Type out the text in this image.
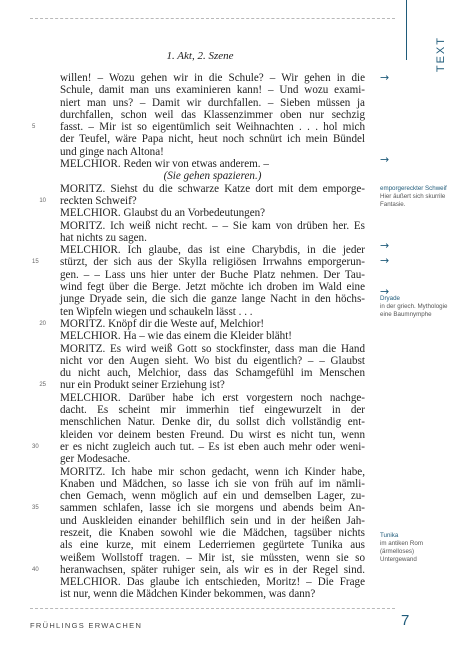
TEXT
1. Akt, 2. Szene
willen! – Wozu gehen wir in die Schule? – Wir gehen in die
Schule, damit man uns examinieren kann! – Und wozu exami-
niert man uns? – Damit wir durchfallen. – Sieben müssen ja
durchfallen, schon weil das Klassenzimmer oben nur sechzig
5	fasst. – Mir ist so eigentümlich seit Weihnachten . . . hol mich
der Teufel, wäre Papa nicht, heut noch schnürt ich mein Bündel
und ginge nach Altona!
MELCHIOR. Reden wir von etwas anderem. –
(Sie gehen spazieren.)
MORITZ. Siehst du die schwarze Katze dort mit dem emporge-
10 reckten Schweif?
MELCHIOR. Glaubst du an Vorbedeutungen?
MORITZ. Ich weiß nicht recht. – – Sie kam von drüben her. Es
hat nichts zu sagen.
MELCHIOR. Ich glaube, das ist eine Charybdis, in die jeder
15	stürzt, der sich aus der Skylla religiösen Irrwahns emporgerun-
gen. – – Lass uns hier unter der Buche Platz nehmen. Der Tau-
wind fegt über die Berge. Jetzt möchte ich droben im Wald eine
junge Dryade sein, die sich die ganze lange Nacht in den höchs-
ten Wipfeln wiegen und schaukeln lässt . . .
20 MORITZ. Knöpf dir die Weste auf, Melchior!
MELCHIOR. Ha – wie das einem die Kleider bläht!
MORITZ. Es wird weiß Gott so stockfinster, dass man die Hand
nicht vor den Augen sieht. Wo bist du eigentlich? – – Glaubst
du nicht auch, Melchior, dass das Schamgefühl im Menschen
25 nur ein Produkt seiner Erziehung ist?
MELCHIOR. Darüber habe ich erst vorgestern noch nachge-
dacht. Es scheint mir immerhin tief eingewurzelt in der
menschlichen Natur. Denke dir, du sollst dich vollständig ent-
kleiden vor deinem besten Freund. Du wirst es nicht tun, wenn
30	er es nicht zugleich auch tut. – Es ist eben auch mehr oder weni-
ger Modesache.
MORITZ. Ich habe mir schon gedacht, wenn ich Kinder habe,
Knaben und Mädchen, so lasse ich sie von früh auf im nämli-
chen Gemach, wenn möglich auf ein und demselben Lager, zu-
35	sammen schlafen, lasse ich sie morgens und abends beim An-
und Auskleiden einander behilflich sein und in der heißen Jah-
reszeit, die Knaben sowohl wie die Mädchen, tagsüber nichts
als eine kurze, mit einem Lederriemen gegürtete Tunika aus
weißem Wollstoff tragen. – Mir ist, sie müssten, wenn sie so
40	heranwachsen, später ruhiger sein, als wir es in der Regel sind.
MELCHIOR. Das glaube ich entschieden, Moritz! – Die Frage
ist nur, wenn die Mädchen Kinder bekommen, was dann?
→
→
→
→
→
emporgereckter Schweif
Hier äußert sich skurrile Fantasie.
Dryade
in der griech. Mythologie eine Baumnymphe
Tunika
im antiken Rom (ärmelloses) Untergewand
FRÜHLINGS ERWACHEN	7
